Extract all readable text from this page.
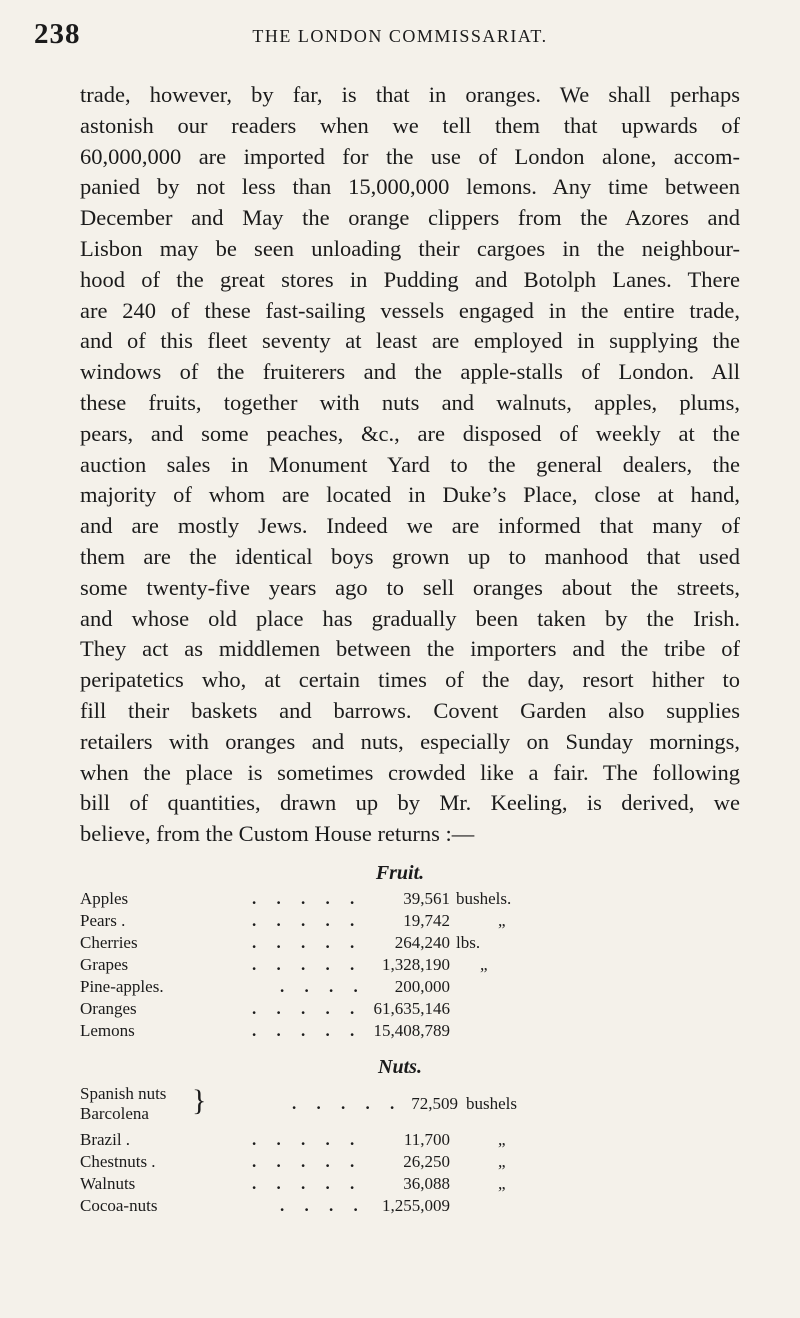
238	THE LONDON COMMISSARIAT.
trade, however, by far, is that in oranges. We shall perhaps
astonish our readers when we tell them that upwards of
60,000,000 are imported for the use of London alone, accom-
panied by not less than 15,000,000 lemons. Any time between
December and May the orange clippers from the Azores and
Lisbon may be seen unloading their cargoes in the neighbour-
hood of the great stores in Pudding and Botolph Lanes. There
are 240 of these fast-sailing vessels engaged in the entire trade,
and of this fleet seventy at least are employed in supplying the
windows of the fruiterers and the apple-stalls of London. All
these fruits, together with nuts and walnuts, apples, plums,
pears, and some peaches, &c., are disposed of weekly at the
auction sales in Monument Yard to the general dealers, the
majority of whom are located in Duke’s Place, close at hand,
and are mostly Jews. Indeed we are informed that many of
them are the identical boys grown up to manhood that used
some twenty-five years ago to sell oranges about the streets,
and whose old place has gradually been taken by the Irish.
They act as middlemen between the importers and the tribe of
peripatetics who, at certain times of the day, resort hither to
fill their baskets and barrows. Covent Garden also supplies
retailers with oranges and nuts, especially on Sunday mornings,
when the place is sometimes crowded like a fair. The following
bill of quantities, drawn up by Mr. Keeling, is derived, we
believe, from the Custom House returns :—
Fruit.
Apples	. . . . .	39,561 bushels.
Pears .	. . . . .	19,742	„
Cherries	. . . . .	264,240 lbs.
Grapes	. . . . .	1,328,190 „
Pine-apples.	. . . .	200,000
Oranges	. . . . . 61,635,146
Lemons	. . . . . 15,408,789
Nuts.
Spanish nuts
Barcolena }	. . . . . 72,509 bushels
Brazil .	. . . . .	11,700	„
Chestnuts .	. . . . .	26,250	„
Walnuts	. . . . .	36,088	„
Cocoa-nuts	. . . . 1,255,009
